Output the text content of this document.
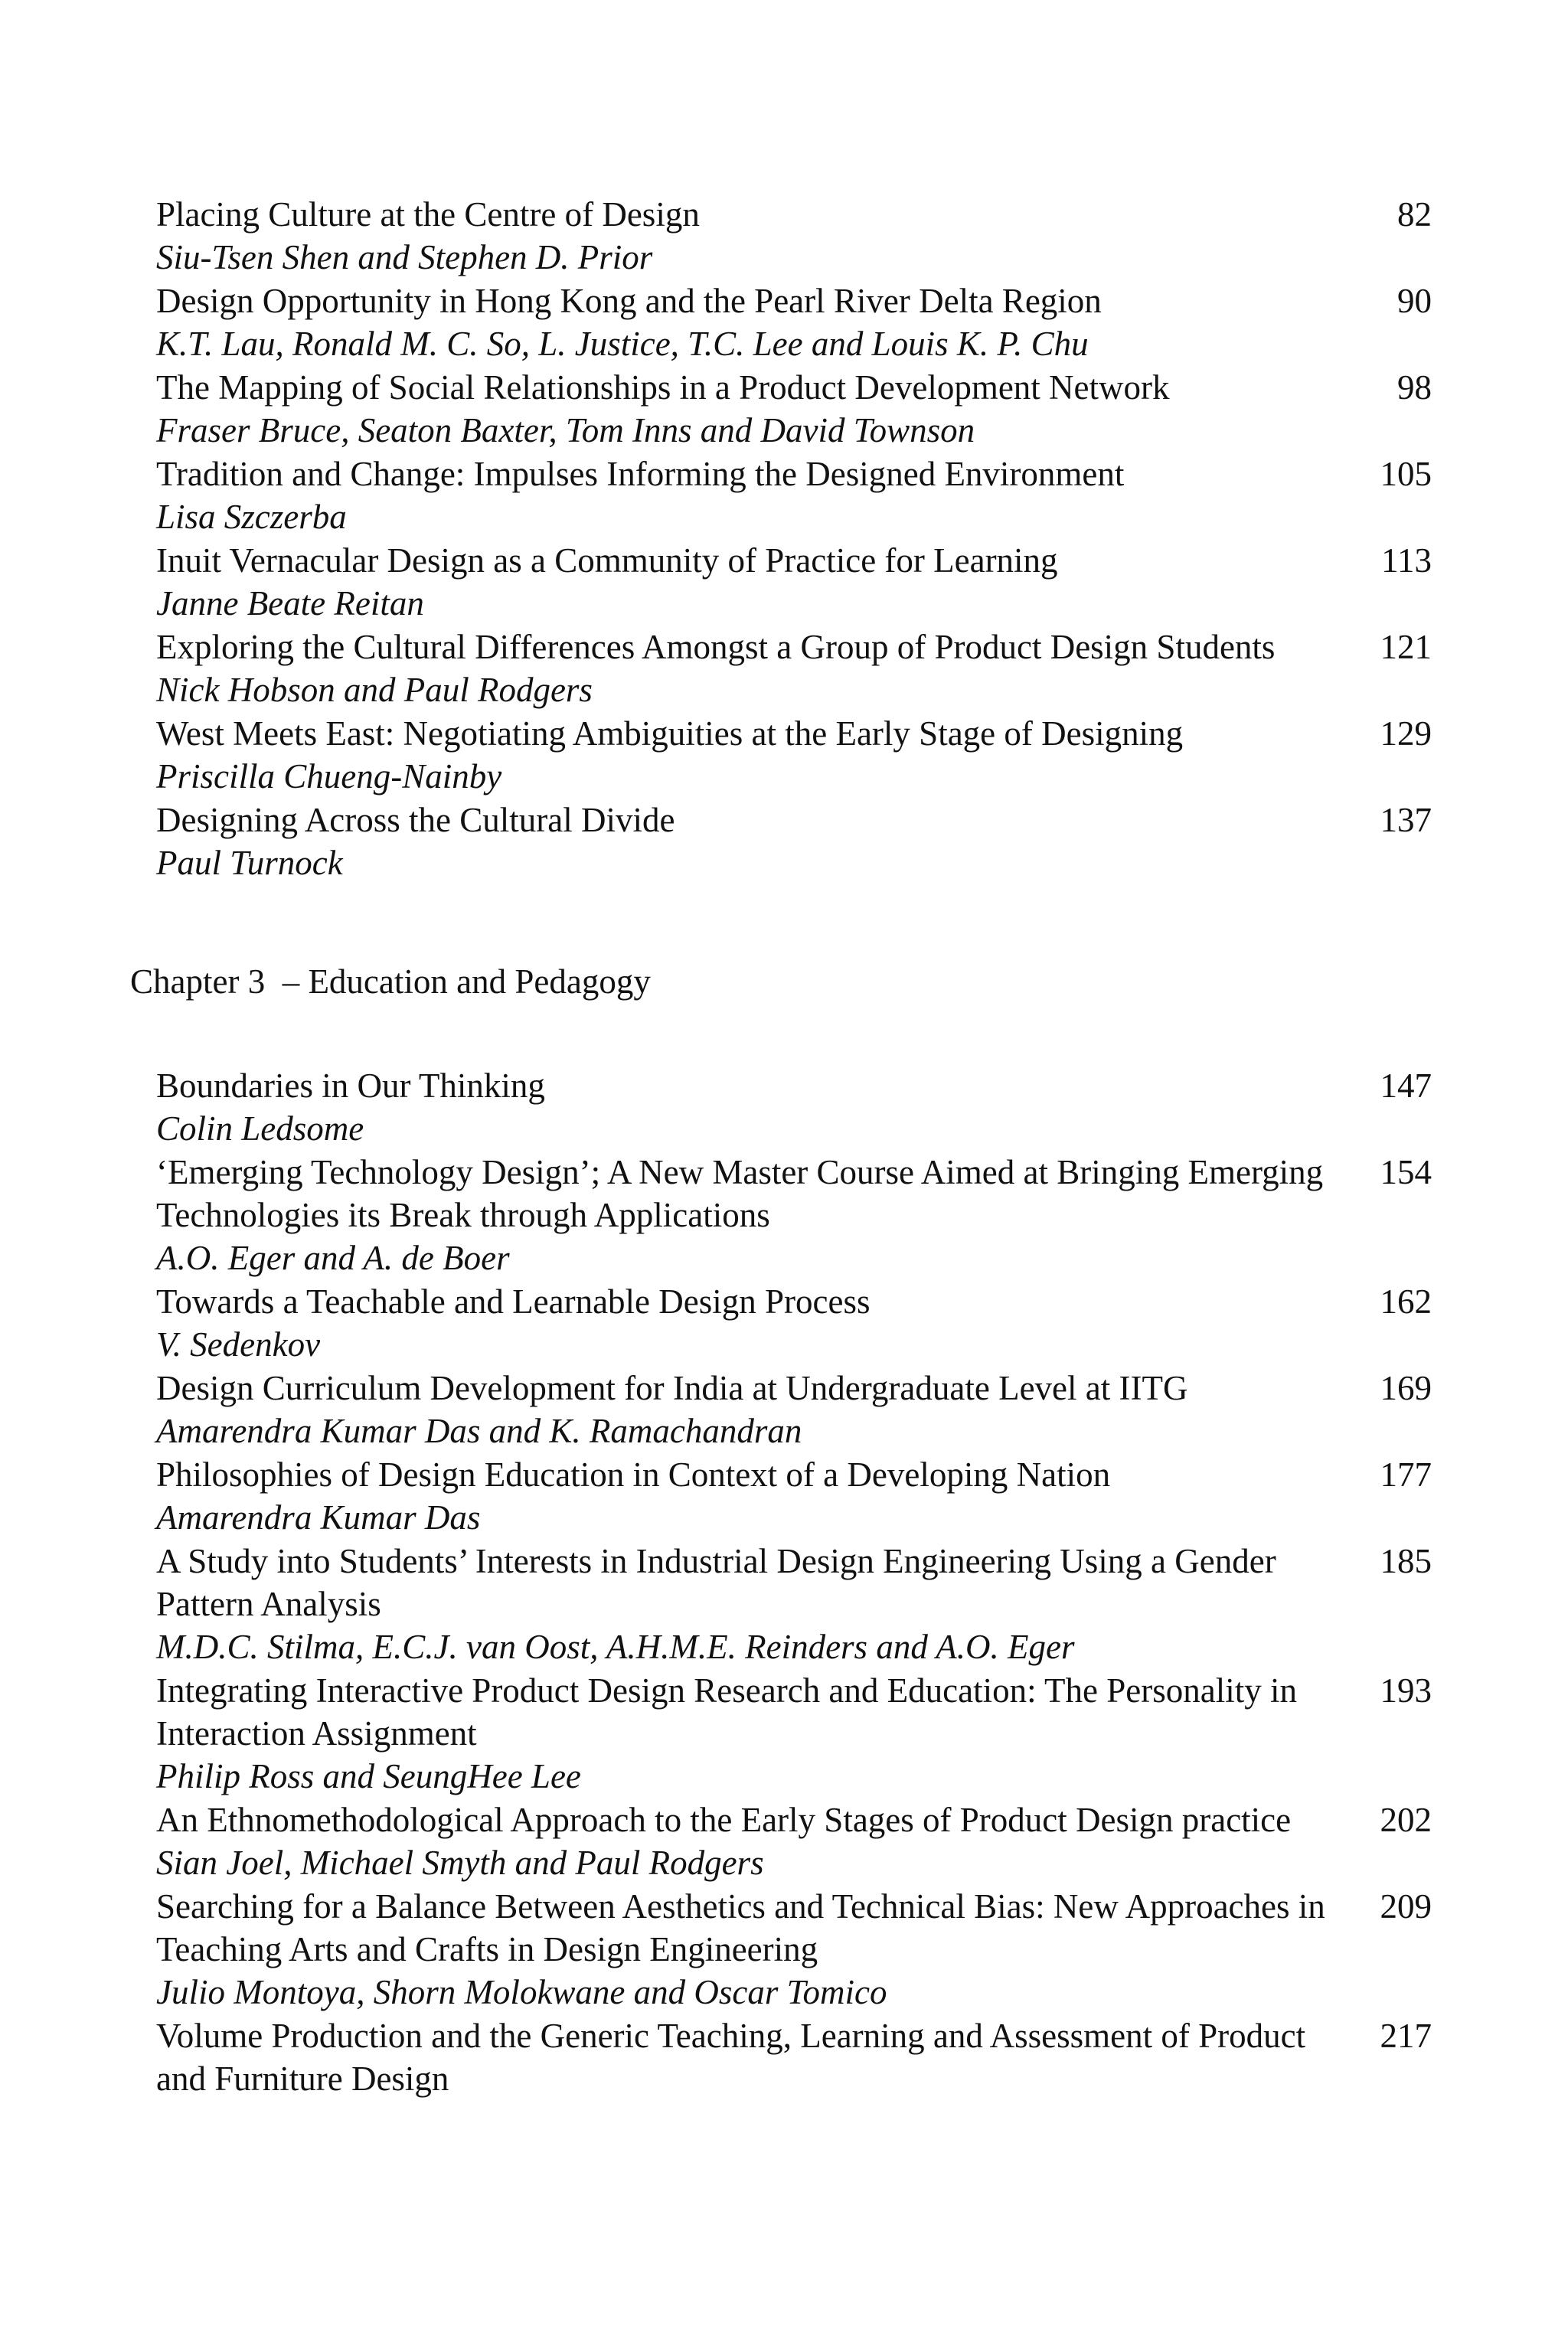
Placing Culture at the Centre of Design
Siu-Tsen Shen and Stephen D. Prior
82
Design Opportunity in Hong Kong and the Pearl River Delta Region
K.T. Lau, Ronald M. C. So, L. Justice, T.C. Lee and Louis K. P. Chu
90
The Mapping of Social Relationships in a Product Development Network
Fraser Bruce, Seaton Baxter, Tom Inns and David Townson
98
Tradition and Change: Impulses Informing the Designed Environment
Lisa Szczerba
105
Inuit Vernacular Design as a Community of Practice for Learning
Janne Beate Reitan
113
Exploring the Cultural Differences Amongst a Group of Product Design Students
Nick Hobson and Paul Rodgers
121
West Meets East: Negotiating Ambiguities at the Early Stage of Designing
Priscilla Chueng-Nainby
129
Designing Across the Cultural Divide
Paul Turnock
137
Chapter 3  – Education and Pedagogy
Boundaries in Our Thinking
Colin Ledsome
147
‘Emerging Technology Design’; A New Master Course Aimed at Bringing Emerging Technologies its Break through Applications
A.O. Eger and A. de Boer
154
Towards a Teachable and Learnable Design Process
V. Sedenkov
162
Design Curriculum Development for India at Undergraduate Level at IITG
Amarendra Kumar Das and K. Ramachandran
169
Philosophies of Design Education in Context of a Developing Nation
Amarendra Kumar Das
177
A Study into Students’ Interests in Industrial Design Engineering Using a Gender Pattern Analysis
M.D.C. Stilma, E.C.J. van Oost, A.H.M.E. Reinders and A.O. Eger
185
Integrating Interactive Product Design Research and Education: The Personality in Interaction Assignment
Philip Ross and SeungHee Lee
193
An Ethnomethodological Approach to the Early Stages of Product Design practice
Sian Joel, Michael Smyth and Paul Rodgers
202
Searching for a Balance Between Aesthetics and Technical Bias: New Approaches in Teaching Arts and Crafts in Design Engineering
Julio Montoya, Shorn Molokwane and Oscar Tomico
209
Volume Production and the Generic Teaching, Learning and Assessment of Product and Furniture Design
217
